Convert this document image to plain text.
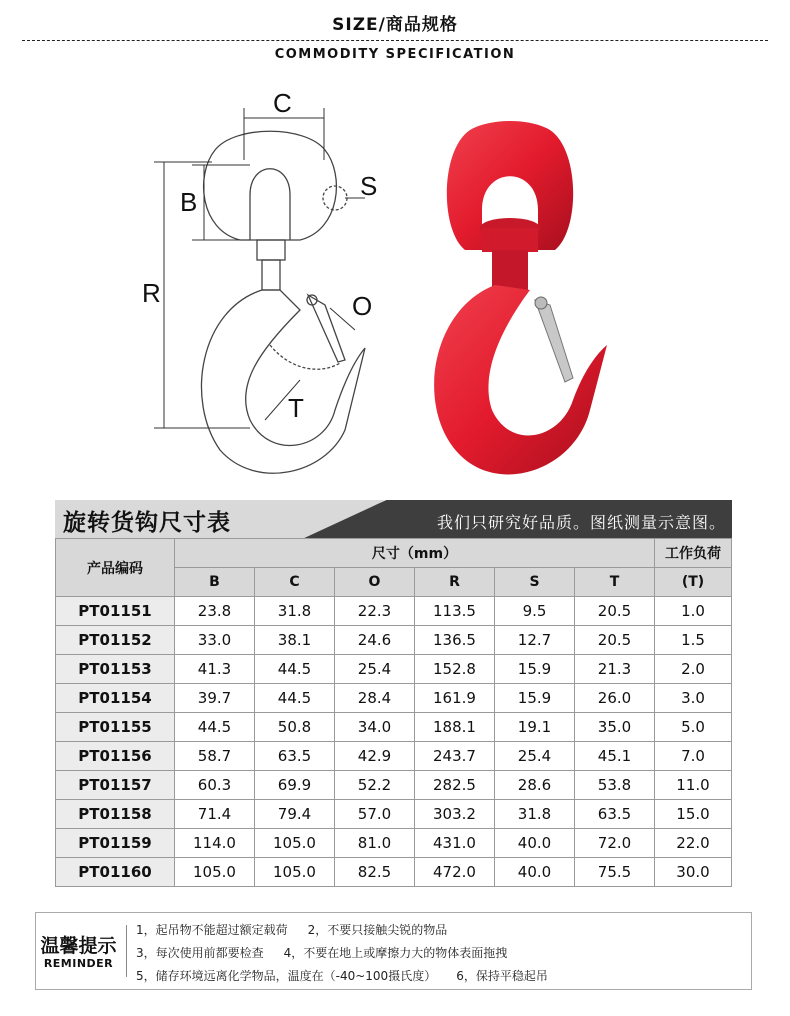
SIZE/商品规格
COMMODITY SPECIFICATION
C
B
S
R	O
T
旋转货钩尺寸表	我们只研究好品质。图纸测量示意图。
产品编码	尺寸（mm）						工作负荷
	B	C	O	R	S	T	(T)
PT01151	23.8	31.8	22.3	113.5	9.5	20.5	1.0
PT01152	33.0	38.1	24.6	136.5	12.7	20.5	1.5
PT01153	41.3	44.5	25.4	152.8	15.9	21.3	2.0
PT01154	39.7	44.5	28.4	161.9	15.9	26.0	3.0
PT01155	44.5	50.8	34.0	188.1	19.1	35.0	5.0
PT01156	58.7	63.5	42.9	243.7	25.4	45.1	7.0
PT01157	60.3	69.9	52.2	282.5	28.6	53.8	11.0
PT01158	71.4	79.4	57.0	303.2	31.8	63.5	15.0
PT01159	114.0	105.0	81.0	431.0	40.0	72.0	22.0
PT01160	105.0	105.0	82.5	472.0	40.0	75.5	30.0
温馨提示
REMINDER
1，起吊物不能超过额定载荷 2，不要只接触尖锐的物品
3，每次使用前都要检查 4，不要在地上或摩擦力大的物体表面拖拽
5，储存环境远离化学物品，温度在（-40~100摄氏度） 6，保持平稳起吊
